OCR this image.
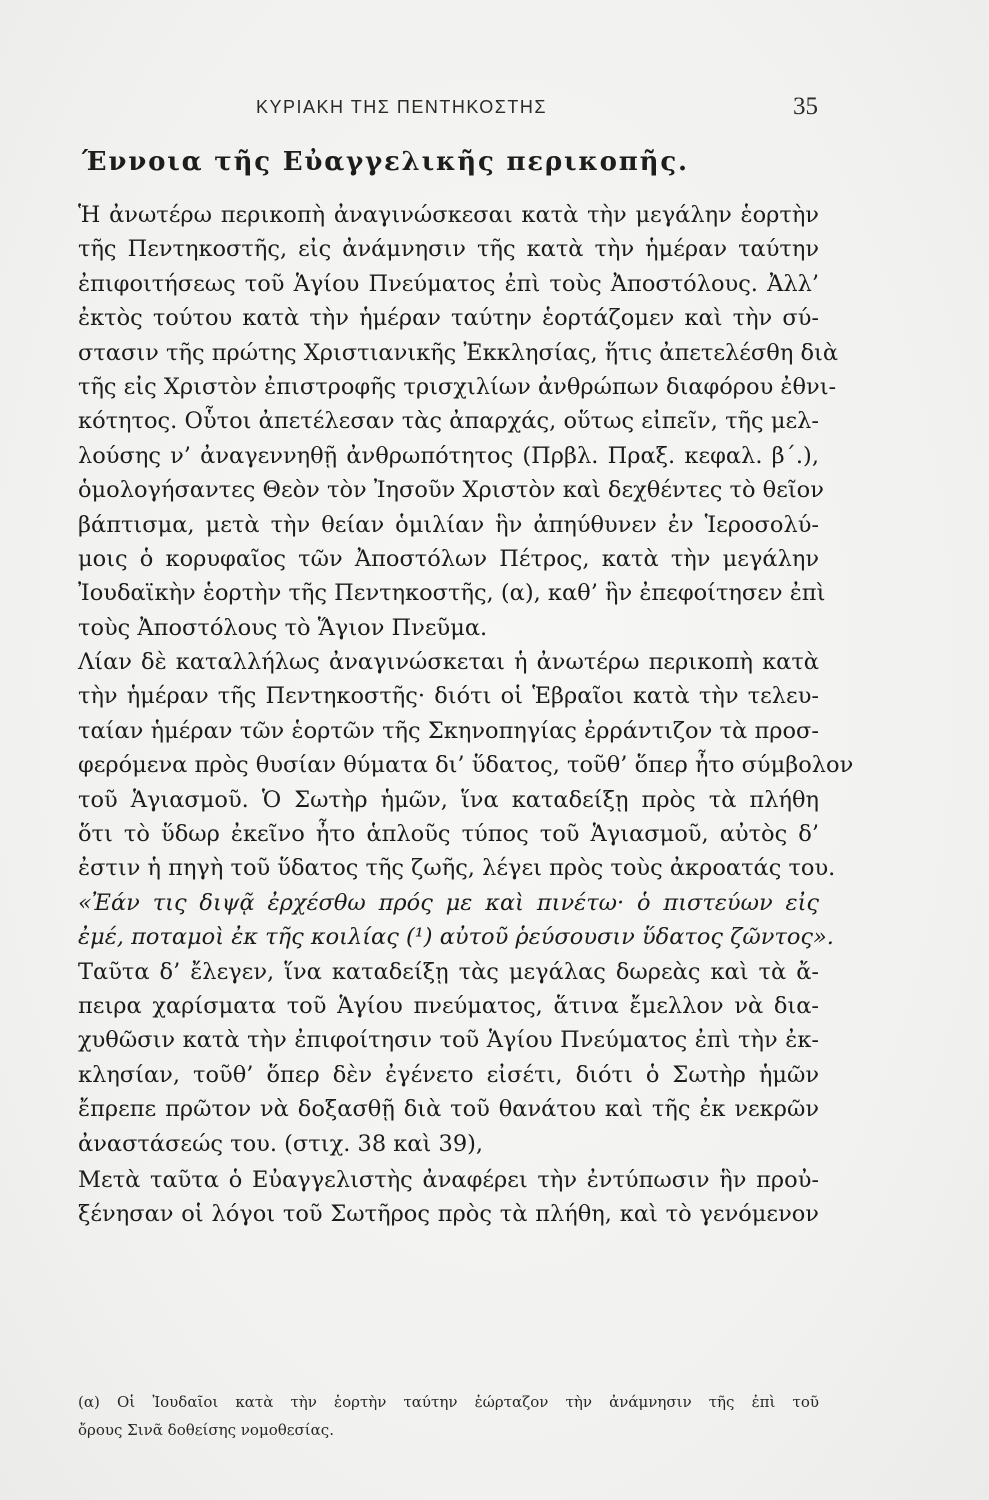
ΚΥΡΙΑΚΗ ΤΗΣ ΠΕΝΤΗΚΟΣΤΗΣ	35
Έννοια τῆς Εὐαγγελικῆς περικοπῆς.
Ἡ ἀνωτέρω περικοπὴ ἀναγινώσκεσαι κατὰ τὴν μεγάλην ἑορτὴν
τῆς Πεντηκοστῆς, εἰς ἀνάμνησιν τῆς κατὰ τὴν ἡμέραν ταύτην
ἐπιφοιτήσεως τοῦ Ἁγίου Πνεύματος ἐπὶ τοὺς Ἀποστόλους. Ἀλλ’
ἐκτὸς τούτου κατὰ τὴν ἡμέραν ταύτην ἑορτάζομεν καὶ τὴν σύ-
στασιν τῆς πρώτης Χριστιανικῆς Ἐκκλησίας, ἥτις ἀπετελέσθη διὰ
τῆς εἰς Χριστὸν ἐπιστροφῆς τρισχιλίων ἀνθρώπων διαφόρου ἐθνι-
κότητος. Οὗτοι ἀπετέλεσαν τὰς ἀπαρχάς, οὕτως εἰπεῖν, τῆς μελ-
λούσης ν’ ἀναγεννηθῇ ἀνθρωπότητος (Πρβλ. Πραξ. κεφαλ. β΄.),
ὁμολογήσαντες Θεὸν τὸν Ἰησοῦν Χριστὸν καὶ δεχθέντες τὸ θεῖον
βάπτισμα, μετὰ τὴν θείαν ὁμιλίαν ἣν ἀπηύθυνεν ἐν Ἱεροσολύ-
μοις ὁ κορυφαῖος τῶν Ἀποστόλων Πέτρος, κατὰ τὴν μεγάλην
Ἰουδαϊκὴν ἑορτὴν τῆς Πεντηκοστῆς, (α), καθ’ ἣν ἐπεφοίτησεν ἐπὶ
τοὺς Ἀποστόλους τὸ Ἅγιον Πνεῦμα.
Λίαν δὲ καταλλήλως ἀναγινώσκεται ἡ ἀνωτέρω περικοπὴ κατὰ
τὴν ἡμέραν τῆς Πεντηκοστῆς· διότι οἱ Ἑβραῖοι κατὰ τὴν τελευ-
ταίαν ἡμέραν τῶν ἑορτῶν τῆς Σκηνοπηγίας ἐρράντιζον τὰ προσ-
φερόμενα πρὸς θυσίαν θύματα δι’ ὕδατος, τοῦθ’ ὅπερ ἦτο σύμβολον
τοῦ Ἁγιασμοῦ. Ὁ Σωτὴρ ἡμῶν, ἵνα καταδείξῃ πρὸς τὰ πλήθη
ὅτι τὸ ὕδωρ ἐκεῖνο ἦτο ἁπλοῦς τύπος τοῦ Ἁγιασμοῦ, αὐτὸς δ’
ἐστιν ἡ πηγὴ τοῦ ὕδατος τῆς ζωῆς, λέγει πρὸς τοὺς ἀκροατάς του.
«Ἐάν τις διψᾷ ἐρχέσθω πρός με καὶ πινέτω· ὁ πιστεύων εἰς
ἐμέ, ποταμοὶ ἐκ τῆς κοιλίας (¹) αὐτοῦ ῥεύσουσιν ὕδατος ζῶντος».
Ταῦτα δ’ ἔλεγεν, ἵνα καταδείξῃ τὰς μεγάλας δωρεὰς καὶ τὰ ἄ-
πειρα χαρίσματα τοῦ Ἁγίου πνεύματος, ἅτινα ἔμελλον νὰ δια-
χυθῶσιν κατὰ τὴν ἐπιφοίτησιν τοῦ Ἁγίου Πνεύματος ἐπὶ τὴν ἐκ-
κλησίαν, τοῦθ’ ὅπερ δὲν ἐγένετο εἰσέτι, διότι ὁ Σωτὴρ ἡμῶν
ἔπρεπε πρῶτον νὰ δοξασθῇ διὰ τοῦ θανάτου καὶ τῆς ἐκ νεκρῶν
ἀναστάσεώς του. (στιχ. 38 καὶ 39),
Μετὰ ταῦτα ὁ Εὐαγγελιστὴς ἀναφέρει τὴν ἐντύπωσιν ἣν προὐ-
ξένησαν οἱ λόγοι τοῦ Σωτῆρος πρὸς τὰ πλήθη, καὶ τὸ γενόμενον
(α) Οἱ Ἰουδαῖοι κατὰ τὴν ἑορτὴν ταύτην ἑώρταζον τὴν ἀνάμνησιν τῆς ἐπὶ τοῦ
ὄρους Σινᾶ δοθείσης νομοθεσίας.
